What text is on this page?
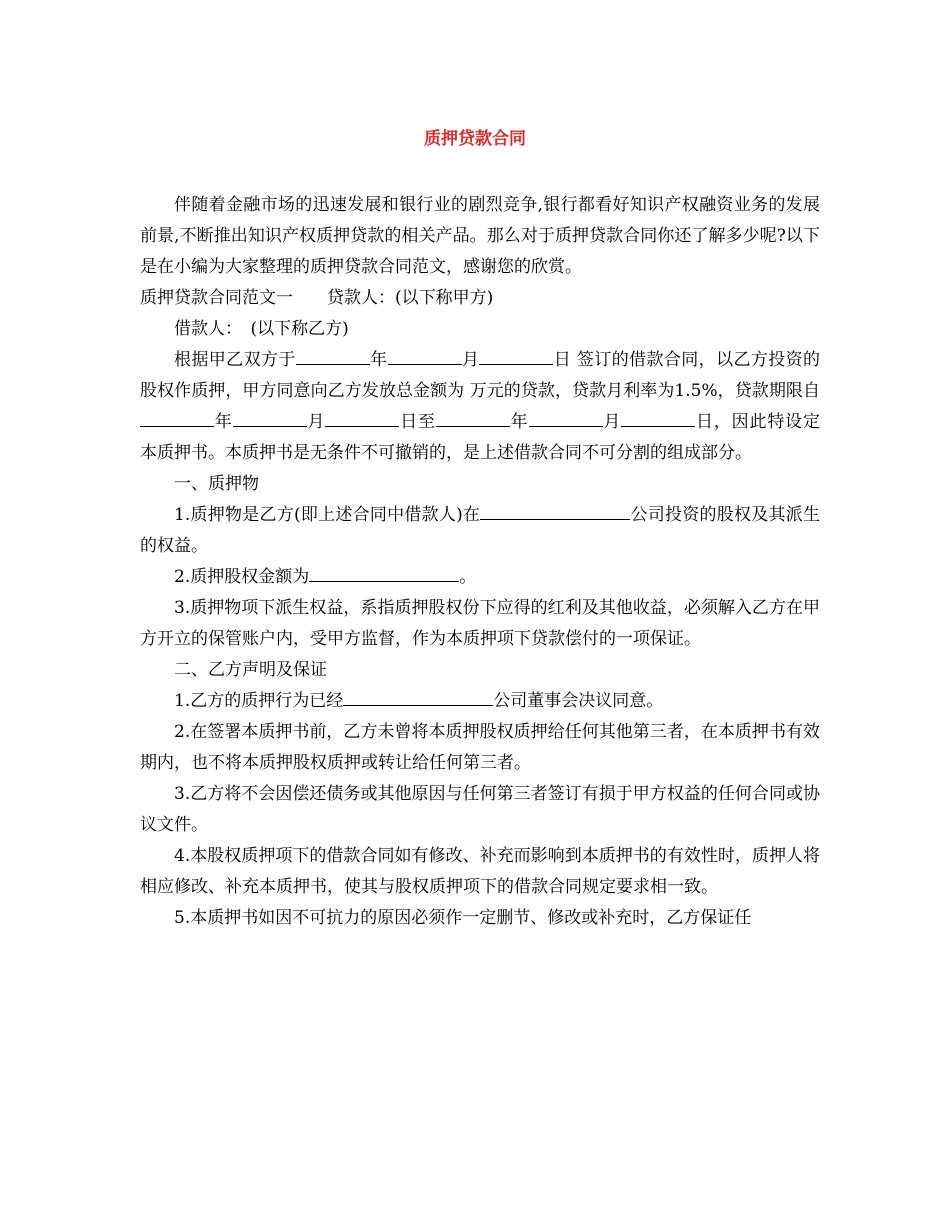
质押贷款合同

伴随着金融市场的迅速发展和银行业的剧烈竞争,银行都看好知识产权融资业务的发展前景,不断推出知识产权质押贷款的相关产品。那么对于质押贷款合同你还了解多少呢?以下是在小编为大家整理的质押贷款合同范文，感谢您的欣赏。

质押贷款合同范文一　　贷款人：(以下称甲方)

借款人：　(以下称乙方)

根据甲乙双方于	年	月	日 签订的借款合同，以乙方投资的股权作质押，甲方同意向乙方发放总金额为 万元的贷款，贷款月利率为1.5%，贷款期限自年	月	日至	年	月	日，因此特设定本质押书。本质押书是无条件不可撤销的，是上述借款合同不可分割的组成部分。

一、质押物

1.质押物是乙方(即上述合同中借款人)在	公司投资的股权及其派生的权益。

2.质押股权金额为	。

3.质押物项下派生权益，系指质押股权份下应得的红利及其他收益，必须解入乙方在甲方开立的保管账户内，受甲方监督，作为本质押项下贷款偿付的一项保证。

二、乙方声明及保证

1.乙方的质押行为已经	公司董事会决议同意。

2.在签署本质押书前，乙方未曾将本质押股权质押给任何其他第三者，在本质押书有效期内，也不将本质押股权质押或转让给任何第三者。

3.乙方将不会因偿还债务或其他原因与任何第三者签订有损于甲方权益的任何合同或协议文件。

4.本股权质押项下的借款合同如有修改、补充而影响到本质押书的有效性时，质押人将相应修改、补充本质押书，使其与股权质押项下的借款合同规定要求相一致。

5.本质押书如因不可抗力的原因必须作一定删节、修改或补充时，乙方保证任
